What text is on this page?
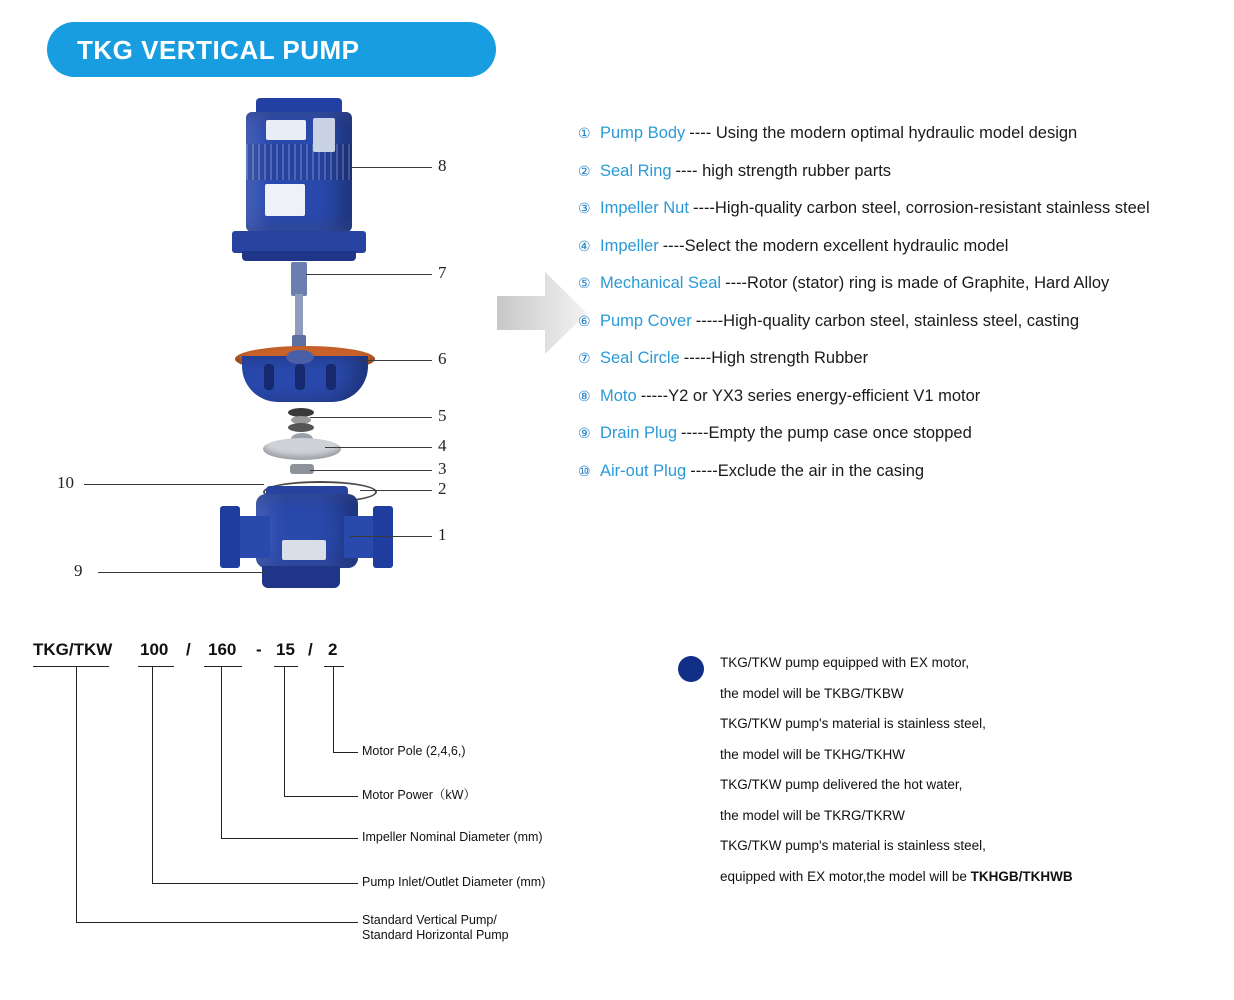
TKG VERTICAL PUMP
8
7
6
5
4
3
2
1
10
9
① Pump Body ---- Using the modern optimal hydraulic model design
② Seal Ring ---- high strength rubber parts
③ Impeller Nut ----High-quality carbon steel, corrosion-resistant stainless steel
④ Impeller ----Select the modern excellent hydraulic model
⑤ Mechanical Seal ----Rotor (stator) ring is made of Graphite, Hard Alloy
⑥ Pump Cover -----High-quality carbon steel, stainless steel, casting
⑦ Seal Circle -----High strength Rubber
⑧ Moto -----Y2 or YX3 series energy-efficient V1 motor
⑨ Drain Plug -----Empty the pump case once stopped
⑩ Air-out Plug -----Exclude the air in the casing
TKG/TKW 100 / 160 - 15 / 2
Motor Pole (2,4,6,)
Motor Power（kW）
Impeller Nominal Diameter (mm)
Pump Inlet/Outlet Diameter (mm)
Standard Vertical Pump/
Standard Horizontal Pump
TKG/TKW pump equipped with EX motor,
the model will be TKBG/TKBW
TKG/TKW pump's material is stainless steel,
the model will be TKHG/TKHW
TKG/TKW pump delivered the hot water,
the model will be TKRG/TKRW
TKG/TKW pump's material is stainless steel,
equipped with EX motor,the model will be TKHGB/TKHWB
